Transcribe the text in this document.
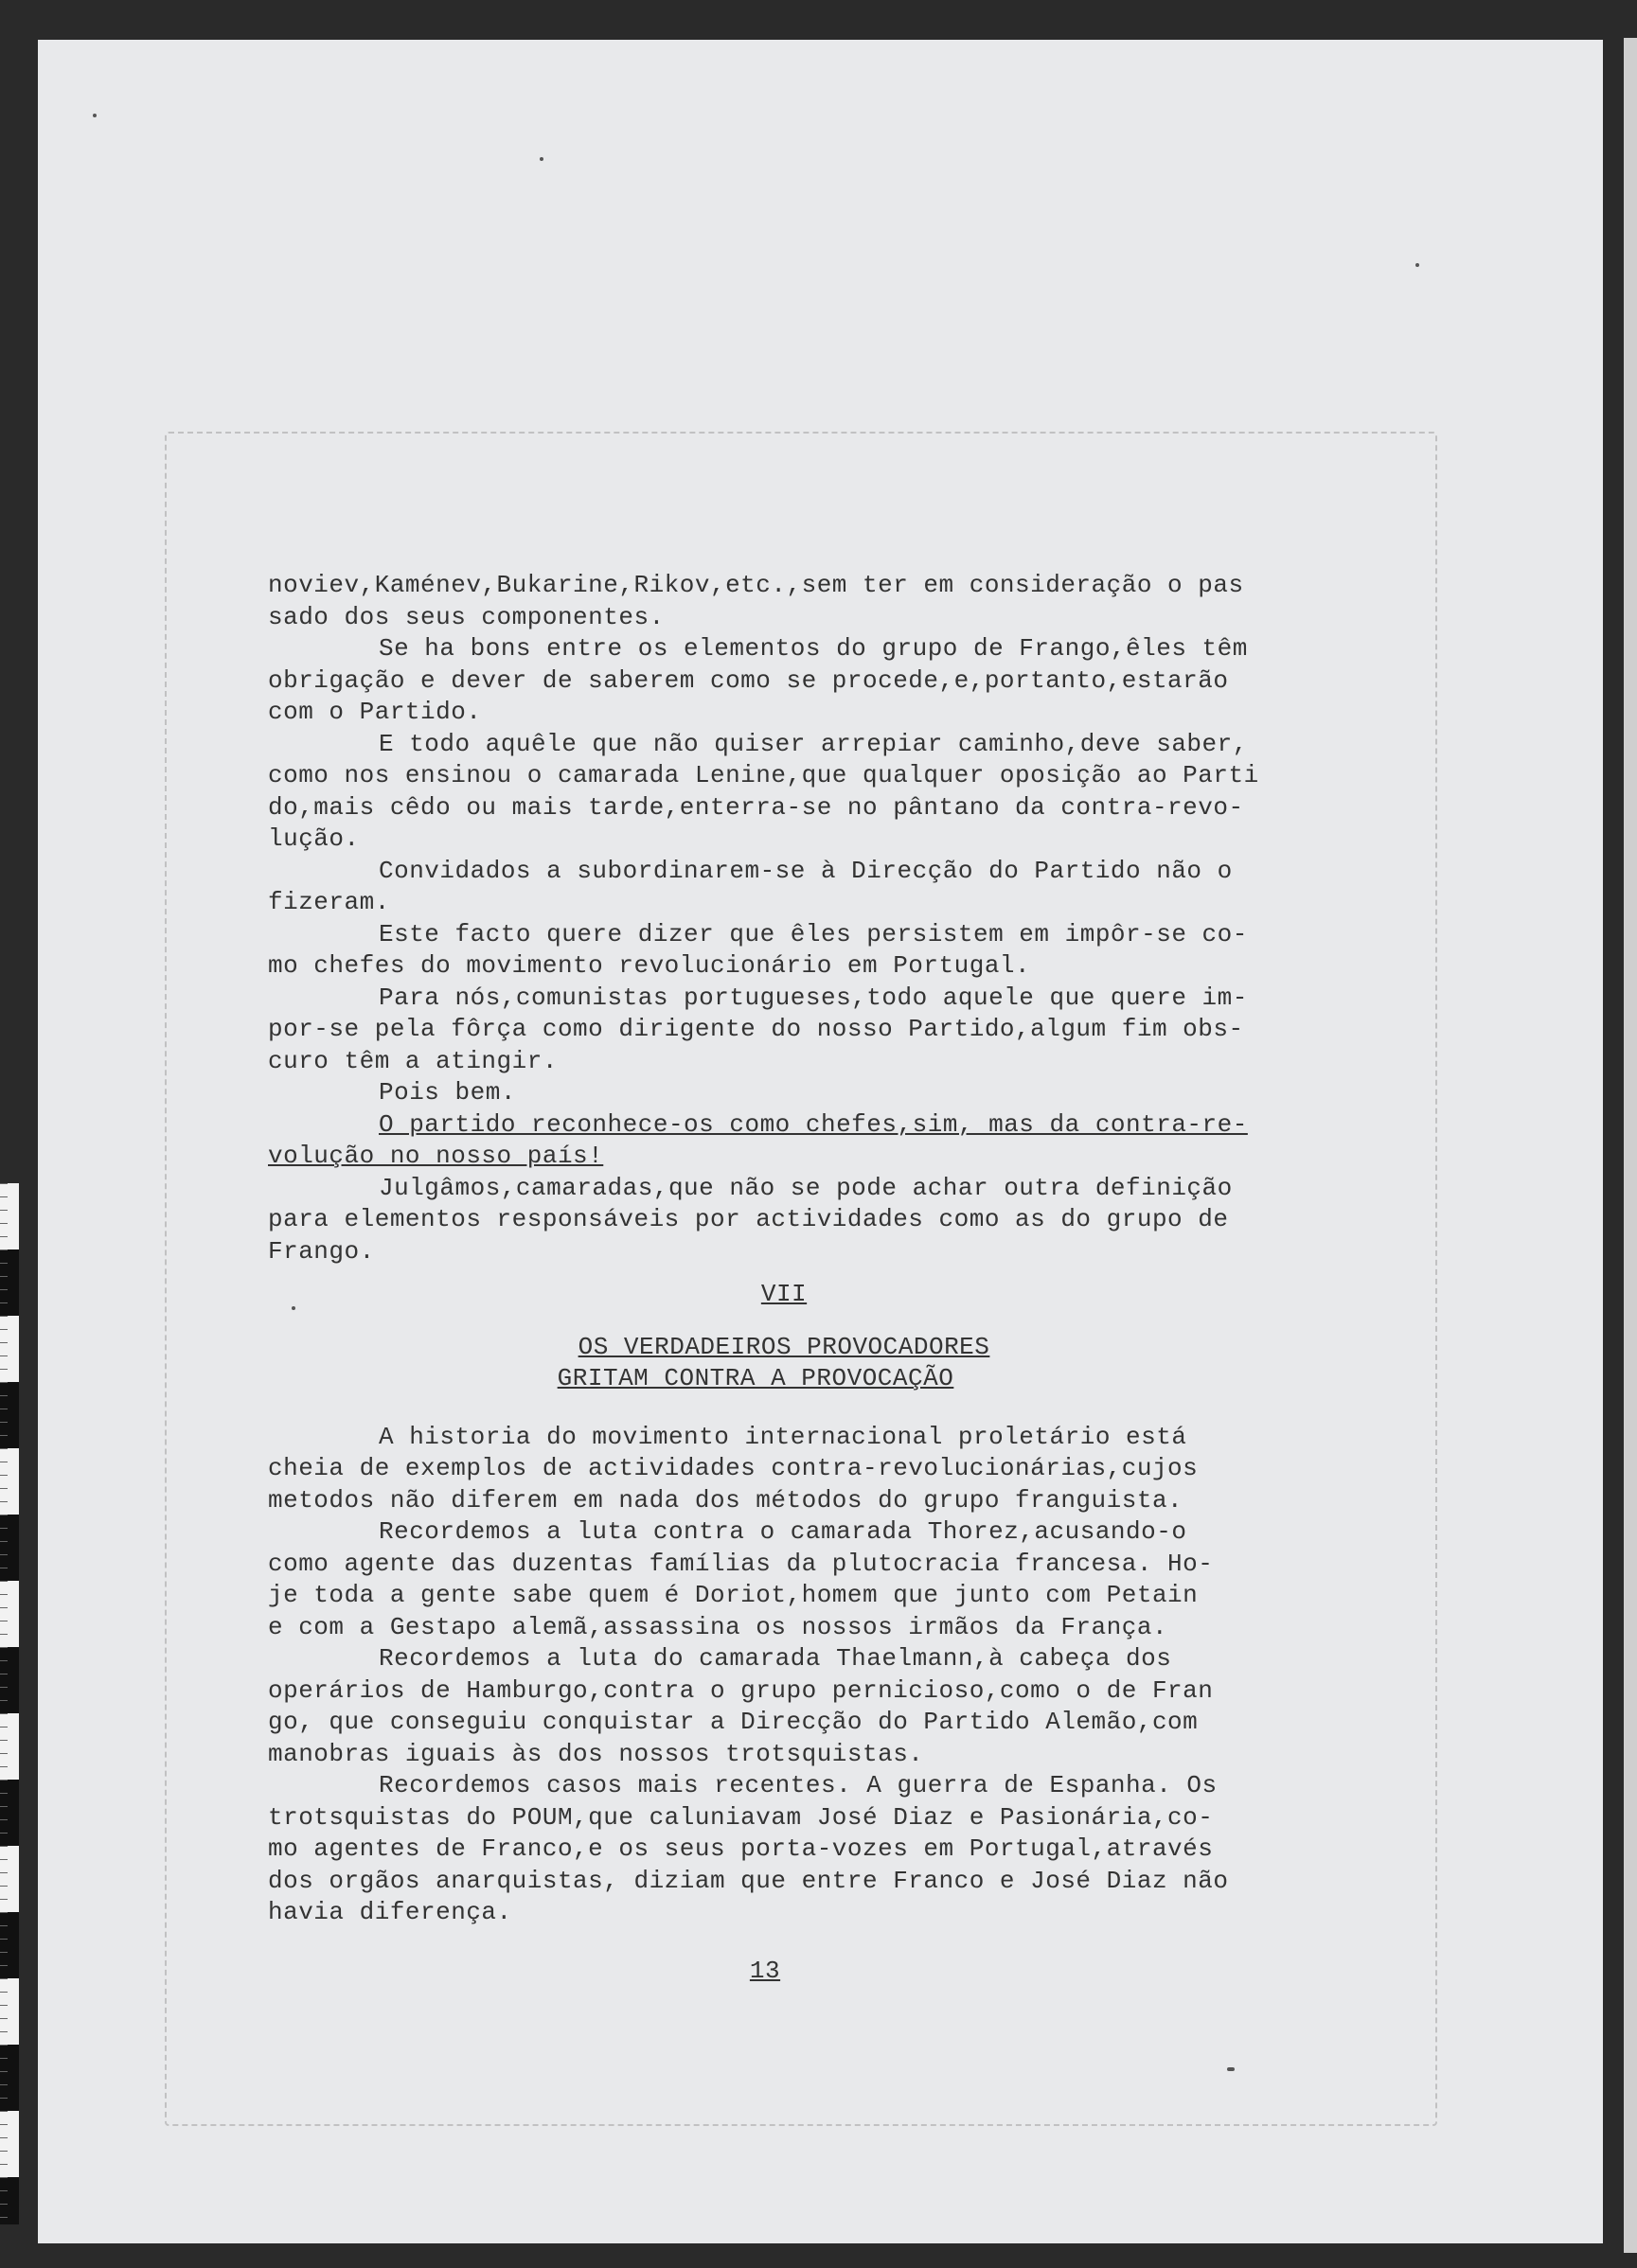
noviev,Kaménev,Bukarine,Rikov,etc.,sem ter em consideração o pas
sado dos seus componentes.
Se ha bons entre os elementos do grupo de Frango,êles têm
obrigação e dever de saberem como se procede,e,portanto,estarão
com o Partido.
E todo aquêle que não quiser arrepiar caminho,deve saber,
como nos ensinou o camarada Lenine,que qualquer oposição ao Parti
do,mais cêdo ou mais tarde,enterra-se no pântano da contra-revo-
lução.
Convidados a subordinarem-se à Direcção do Partido não o
fizeram.
Este facto quere dizer que êles persistem em impôr-se co-
mo chefes do movimento revolucionário em Portugal.
Para nós,comunistas portugueses,todo aquele que quere im-
por-se pela fôrça como dirigente do nosso Partido,algum fim obs-
curo têm a atingir.
Pois bem.
O partido reconhece-os como chefes,sim, mas da contra-re-
volução no nosso país!
Julgâmos,camaradas,que não se pode achar outra definição
para elementos responsáveis por actividades como as do grupo de
Frango.
VII
OS VERDADEIROS PROVOCADORES
GRITAM CONTRA A PROVOCAÇÃO
A historia do movimento internacional proletário está
cheia de exemplos de actividades contra-revolucionárias,cujos
metodos não diferem em nada dos métodos do grupo franguista.
Recordemos a luta contra o camarada Thorez,acusando-o
como agente das duzentas famílias da plutocracia francesa. Ho-
je toda a gente sabe quem é Doriot,homem que junto com Petain
e com a Gestapo alemã,assassina os nossos irmãos da França.
Recordemos a luta do camarada Thaelmann,à cabeça dos
operários de Hamburgo,contra o grupo pernicioso,como o de Fran
go, que conseguiu conquistar a Direcção do Partido Alemão,com
manobras iguais às dos nossos trotsquistas.
Recordemos casos mais recentes. A guerra de Espanha. Os
trotsquistas do POUM,que caluniavam José Diaz e Pasionária,co-
mo agentes de Franco,e os seus porta-vozes em Portugal,através
dos orgãos anarquistas, diziam que entre Franco e José Diaz não
havia diferença.
13
